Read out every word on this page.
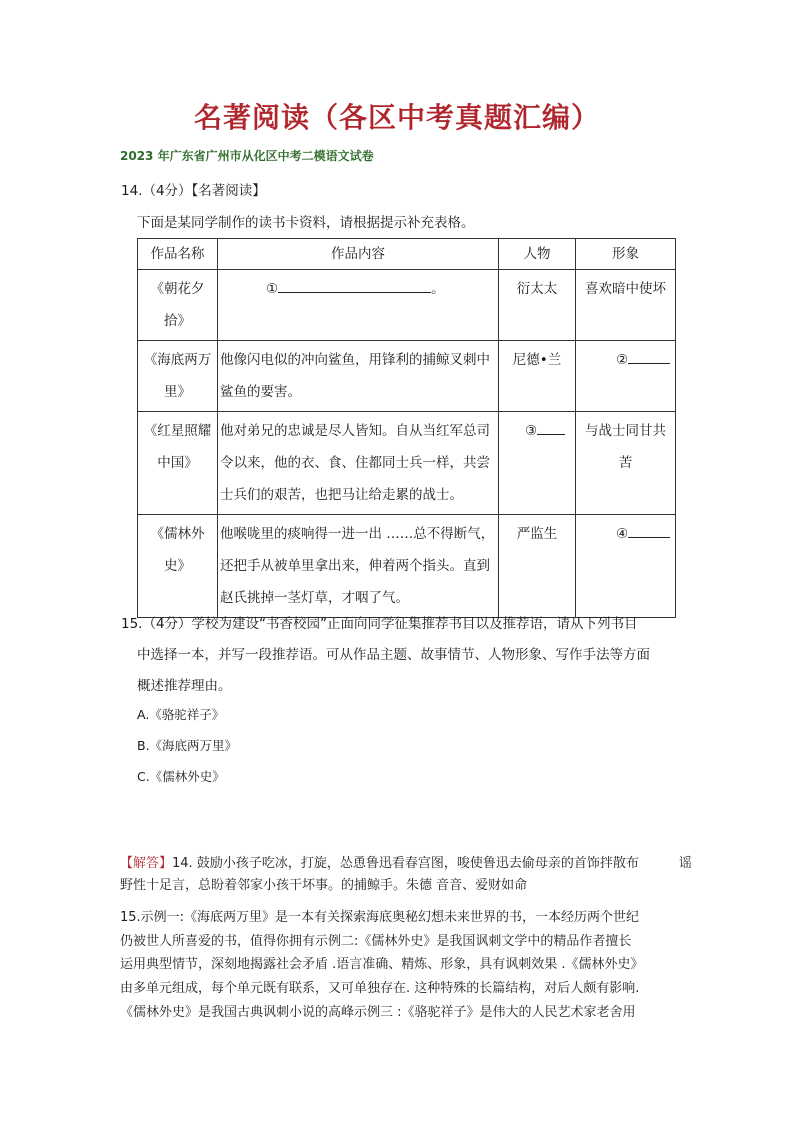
名著阅读（各区中考真题汇编）
2023 年广东省广州市从化区中考二模语文试卷
14.（4分）【名著阅读】
下面是某同学制作的读书卡资料，请根据提示补充表格。
作品名称	作品内容	人物	形象
《朝花夕
拾》	① 。	衍太太	喜欢暗中使坏
《海底两万
里》	他像闪电似的冲向鲨鱼，用锋利的捕鲸叉刺中
鲨鱼的要害。	尼德•兰	②
《红星照耀
中国》	他对弟兄的忠诚是尽人皆知。自从当红军总司
令以来，他的衣、食、住都同士兵一样，共尝
士兵们的艰苦，也把马让给走累的战士。	③	与战士同甘共
苦
《儒林外
史》	他喉咙里的痰响得一进一出 ……总不得断气，
还把手从被单里拿出来，伸着两个指头。直到
赵氏挑掉一茎灯草，才咽了气。	严监生	④
15.（4分）学校为建设“书香校园”正面向同学征集推荐书目以及推荐语，请从下列书目
中选择一本，并写一段推荐语。可从作品主题、故事情节、人物形象、写作手法等方面
概述推荐理由。
A.《骆驼祥子》
B.《海底两万里》
C.《儒林外史》
【解答】14. 鼓励小孩子吃冰，打旋，怂恿鲁迅看春宫图，唆使鲁迅去偷母亲的首饰拌散布	谣
野性十足言，总盼着邻家小孩干坏事。的捕鲸手。朱德 音音、爱财如命
15.示例一:《海底两万里》是一本有关探索海底奥秘幻想未来世界的书，一本经历两个世纪
仍被世人所喜爱的书，值得你拥有示例二:《儒林外史》是我国讽刺文学中的精品作者擅长
运用典型情节，深刻地揭露社会矛盾 .语言准确、精炼、形象，具有讽刺效果 .《儒林外史》
由多单元组成，每个单元既有联系，又可单独存在. 这种特殊的长篇结构，对后人颇有影响.
《儒林外史》是我国古典讽刺小说的高峰示例三 :《骆驼祥子》是伟大的人民艺术家老舍用
